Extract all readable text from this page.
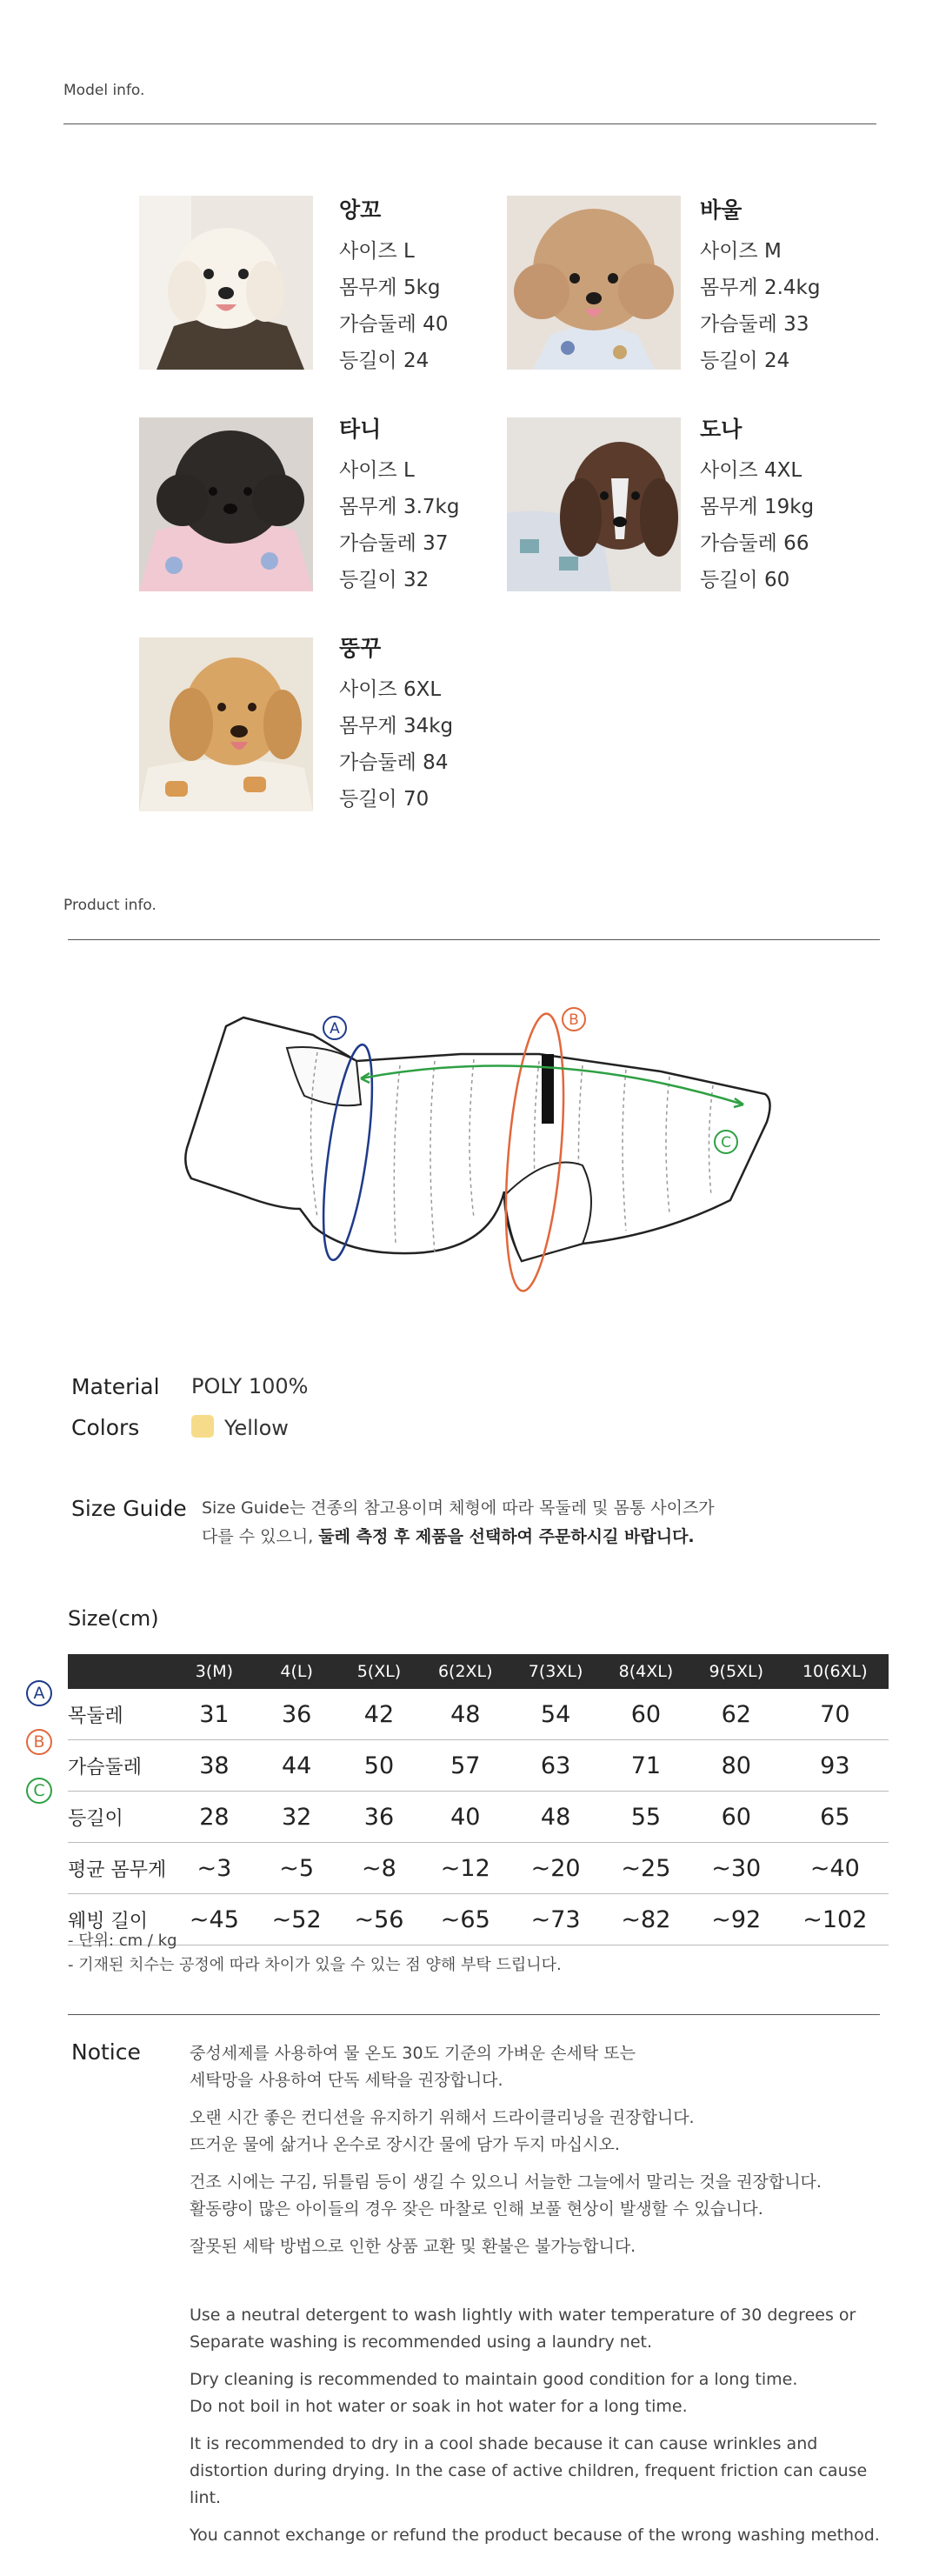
Model info.
앙꼬
사이즈 L
몸무게 5kg
가슴둘레 40
등길이 24
바울
사이즈 M
몸무게 2.4kg
가슴둘레 33
등길이 24
타니
사이즈 L
몸무게 3.7kg
가슴둘레 37
등길이 32
도나
사이즈 4XL
몸무게 19kg
가슴둘레 66
등길이 60
뚱꾸
사이즈 6XL
몸무게 34kg
가슴둘레 84
등길이 70
Product info.
A	B
C
Material POLY 100%
Colors	Yellow
Size Guide Size Guide는 견종의 참고용이며 체형에 따라 목둘레 및 몸통 사이즈가
다를 수 있으니, 둘레 측정 후 제품을 선택하여 주문하시길 바랍니다.
Size(cm)
A
B
C
	3(M)	4(L)	5(XL)	6(2XL)	7(3XL)	8(4XL)	9(5XL)	10(6XL)
목둘레	31	36	42	48	54	60	62	70
가슴둘레	38	44	50	57	63	71	80	93
등길이	28	32	36	40	48	55	60	65
평균 몸무게	~3	~5	~8	~12	~20	~25	~30	~40
웨빙 길이	~45	~52	~56	~65	~73	~82	~92	~102
- 단위: cm / kg
- 기재된 치수는 공정에 따라 차이가 있을 수 있는 점 양해 부탁 드립니다.
Notice	중성세제를 사용하여 물 온도 30도 기준의 가벼운 손세탁 또는
세탁망을 사용하여 단독 세탁을 권장합니다.
오랜 시간 좋은 컨디션을 유지하기 위해서 드라이클리닝을 권장합니다.
뜨거운 물에 삶거나 온수로 장시간 물에 담가 두지 마십시오.
건조 시에는 구김, 뒤틀림 등이 생길 수 있으니 서늘한 그늘에서 말리는 것을 권장합니다.
활동량이 많은 아이들의 경우 잦은 마찰로 인해 보풀 현상이 발생할 수 있습니다.
잘못된 세탁 방법으로 인한 상품 교환 및 환불은 불가능합니다.
Use a neutral detergent to wash lightly with water temperature of 30 degrees or
Separate washing is recommended using a laundry net.
Dry cleaning is recommended to maintain good condition for a long time.
Do not boil in hot water or soak in hot water for a long time.
It is recommended to dry in a cool shade because it can cause wrinkles and
distortion during drying. In the case of active children, frequent friction can cause lint.
You cannot exchange or refund the product because of the wrong washing method.
